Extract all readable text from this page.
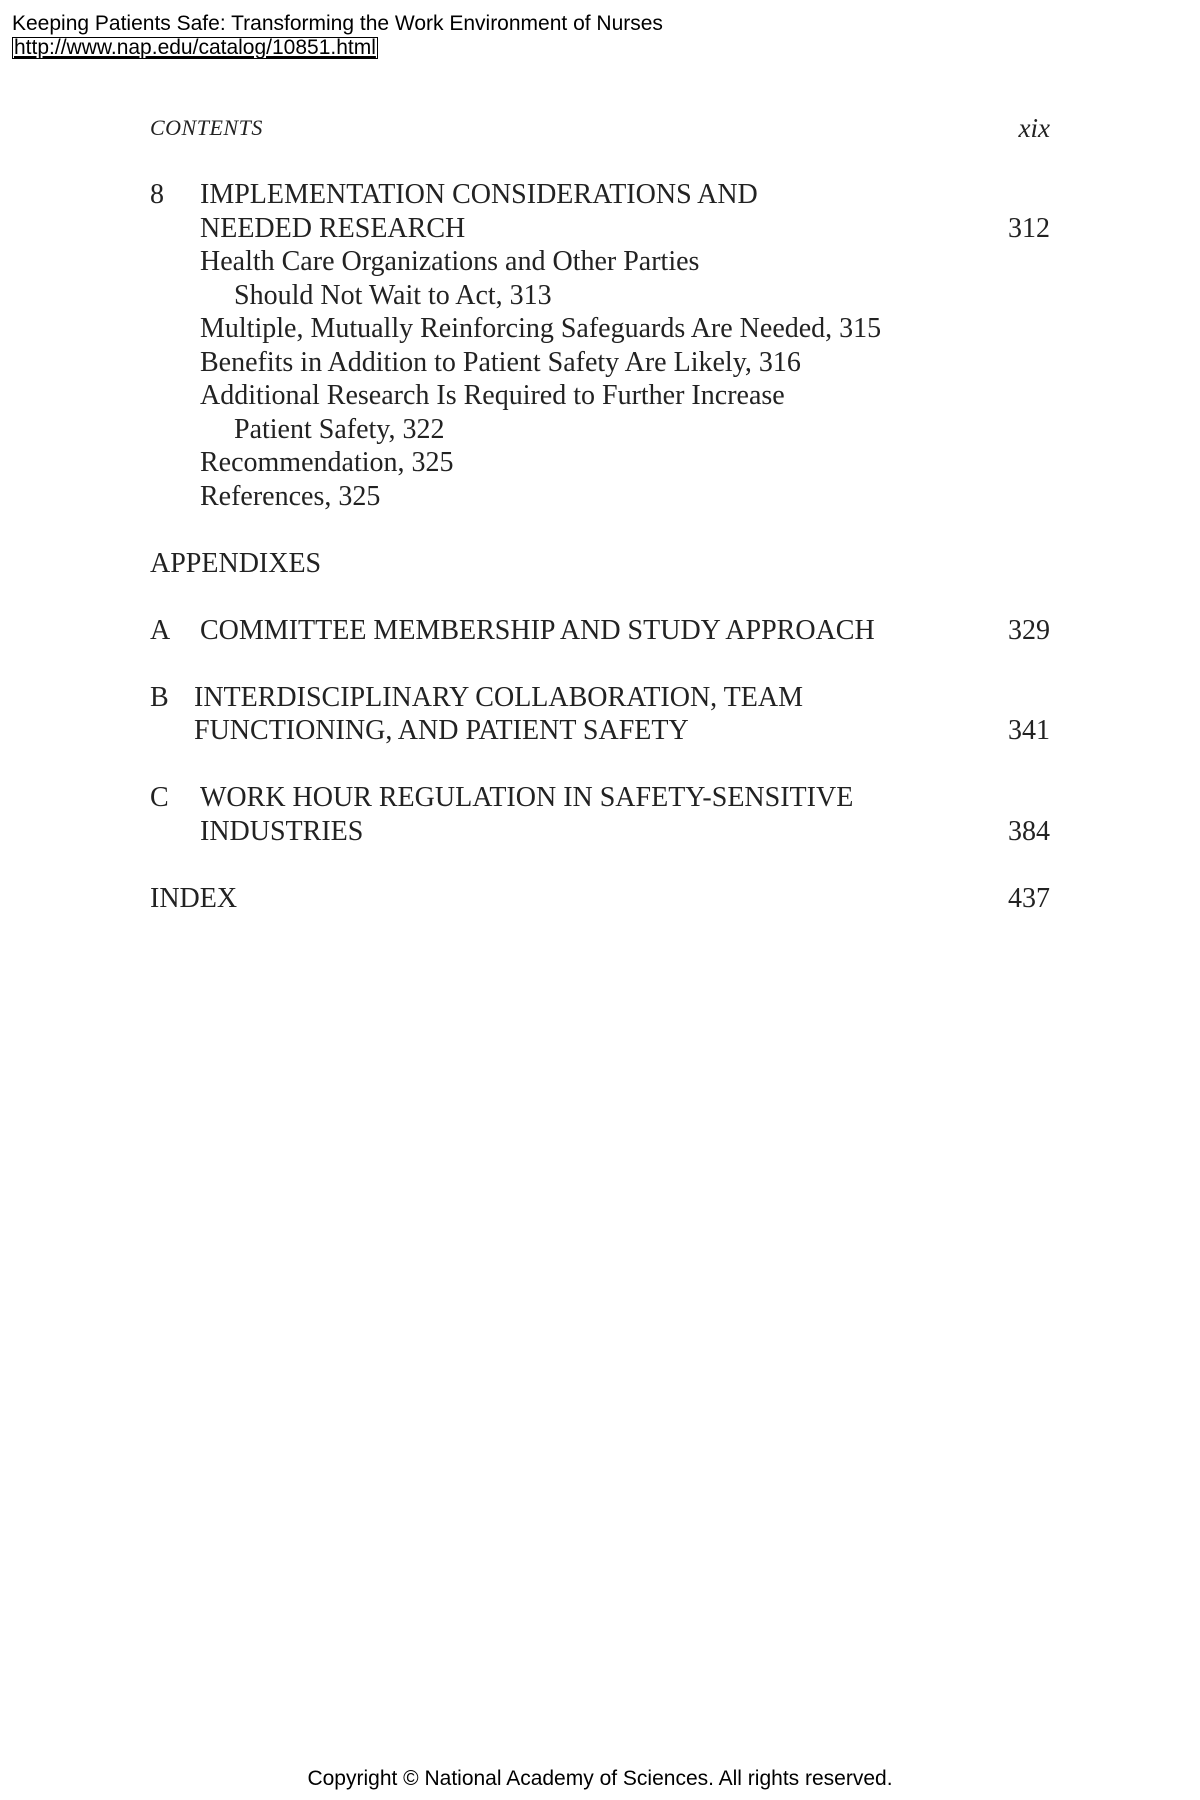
Keeping Patients Safe: Transforming the Work Environment of Nurses
http://www.nap.edu/catalog/10851.html
CONTENTS	xix
8 IMPLEMENTATION CONSIDERATIONS AND
NEEDED RESEARCH	312
Health Care Organizations and Other Parties
Should Not Wait to Act, 313
Multiple, Mutually Reinforcing Safeguards Are Needed, 315
Benefits in Addition to Patient Safety Are Likely, 316
Additional Research Is Required to Further Increase
Patient Safety, 322
Recommendation, 325
References, 325
APPENDIXES
A COMMITTEE MEMBERSHIP AND STUDY APPROACH	329
B INTERDISCIPLINARY COLLABORATION, TEAM
FUNCTIONING, AND PATIENT SAFETY	341
C WORK HOUR REGULATION IN SAFETY-SENSITIVE
INDUSTRIES	384
INDEX	437
Copyright © National Academy of Sciences. All rights reserved.
